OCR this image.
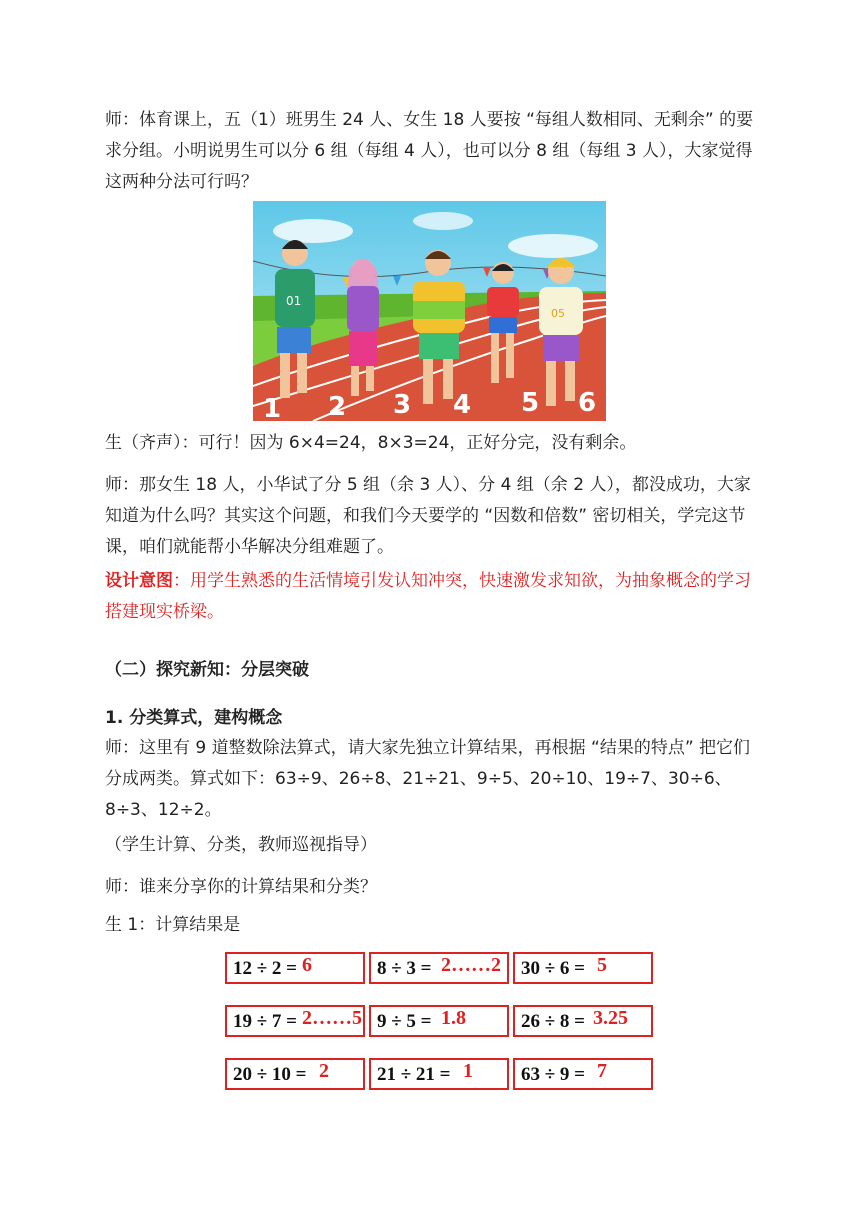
师：体育课上，五（1）班男生 24 人、女生 18 人要按 “每组人数相同、无剩余” 的要求分组。小明说男生可以分 6 组（每组 4 人），也可以分 8 组（每组 3 人），大家觉得这两种分法可行吗？

01
05
1 2 3 4 5 6

生（齐声）：可行！因为 6×4=24，8×3=24，正好分完，没有剩余。

师：那女生 18 人，小华试了分 5 组（余 3 人）、分 4 组（余 2 人），都没成功，大家知道为什么吗？其实这个问题，和我们今天要学的 “因数和倍数” 密切相关，学完这节课，咱们就能帮小华解决分组难题了。

设计意图：用学生熟悉的生活情境引发认知冲突，快速激发求知欲，为抽象概念的学习搭建现实桥梁。

（二）探究新知：分层突破
1. 分类算式，建构概念

师：这里有 9 道整数除法算式，请大家先独立计算结果，再根据 “结果的特点” 把它们分成两类。算式如下：63÷9、26÷8、21÷21、9÷5、20÷10、19÷7、30÷6、8÷3、12÷2。

（学生计算、分类，教师巡视指导）

师：谁来分享你的计算结果和分类？

生 1：计算结果是

12 ÷ 2 = 6	8 ÷ 3 = 2……2 30 ÷ 6 = 5
19 ÷ 7 = 2……5 9 ÷ 5 = 1.8	26 ÷ 8 = 3.25
20 ÷ 10 = 2	21 ÷ 21 = 1	63 ÷ 9 = 7
